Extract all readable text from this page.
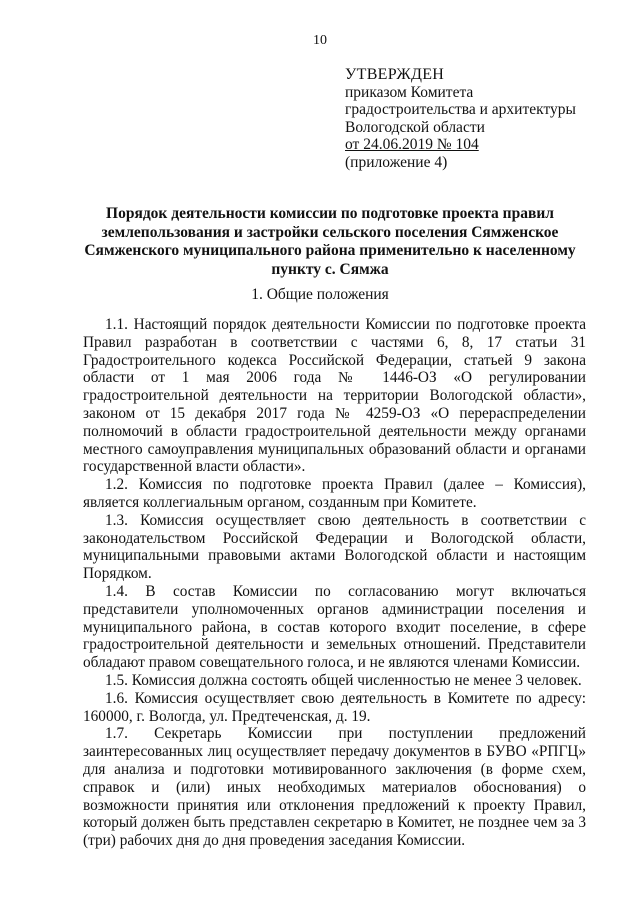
10
УТВЕРЖДЕН
приказом Комитета
градостроительства и архитектуры
Вологодской области
от 24.06.2019 № 104
(приложение 4)
Порядок деятельности комиссии по подготовке проекта правил землепользования и застройки сельского поселения Сямженское Сямженского муниципального района применительно к населенному пункту с. Сямжа
1. Общие положения

1.1. Настоящий порядок деятельности Комиссии по подготовке проекта Правил разработан в соответствии с частями 6, 8, 17 статьи 31 Градостроительного кодекса Российской Федерации, статьей 9 закона области от 1 мая 2006 года № 1446-ОЗ «О регулировании градостроительной деятельности на территории Вологодской области», законом от 15 декабря 2017 года № 4259-ОЗ «О перераспределении полномочий в области градостроительной деятельности между органами местного самоуправления муниципальных образований области и органами государственной власти области».

1.2. Комиссия по подготовке проекта Правил (далее – Комиссия), является коллегиальным органом, созданным при Комитете.

1.3. Комиссия осуществляет свою деятельность в соответствии с законодательством Российской Федерации и Вологодской области, муниципальными правовыми актами Вологодской области и настоящим Порядком.

1.4. В состав Комиссии по согласованию могут включаться представители уполномоченных органов администрации поселения и муниципального района, в состав которого входит поселение, в сфере градостроительной деятельности и земельных отношений. Представители обладают правом совещательного голоса, и не являются членами Комиссии.

1.5. Комиссия должна состоять общей численностью не менее 3 человек.

1.6. Комиссия осуществляет свою деятельность в Комитете по адресу: 160000, г. Вологда, ул. Предтеченская, д. 19.

1.7. Секретарь Комиссии при поступлении предложений заинтересованных лиц осуществляет передачу документов в БУВО «РПГЦ» для анализа и подготовки мотивированного заключения (в форме схем, справок и (или) иных необходимых материалов обоснования) о возможности принятия или отклонения предложений к проекту Правил, который должен быть представлен секретарю в Комитет, не позднее чем за 3 (три) рабочих дня до дня проведения заседания Комиссии.
